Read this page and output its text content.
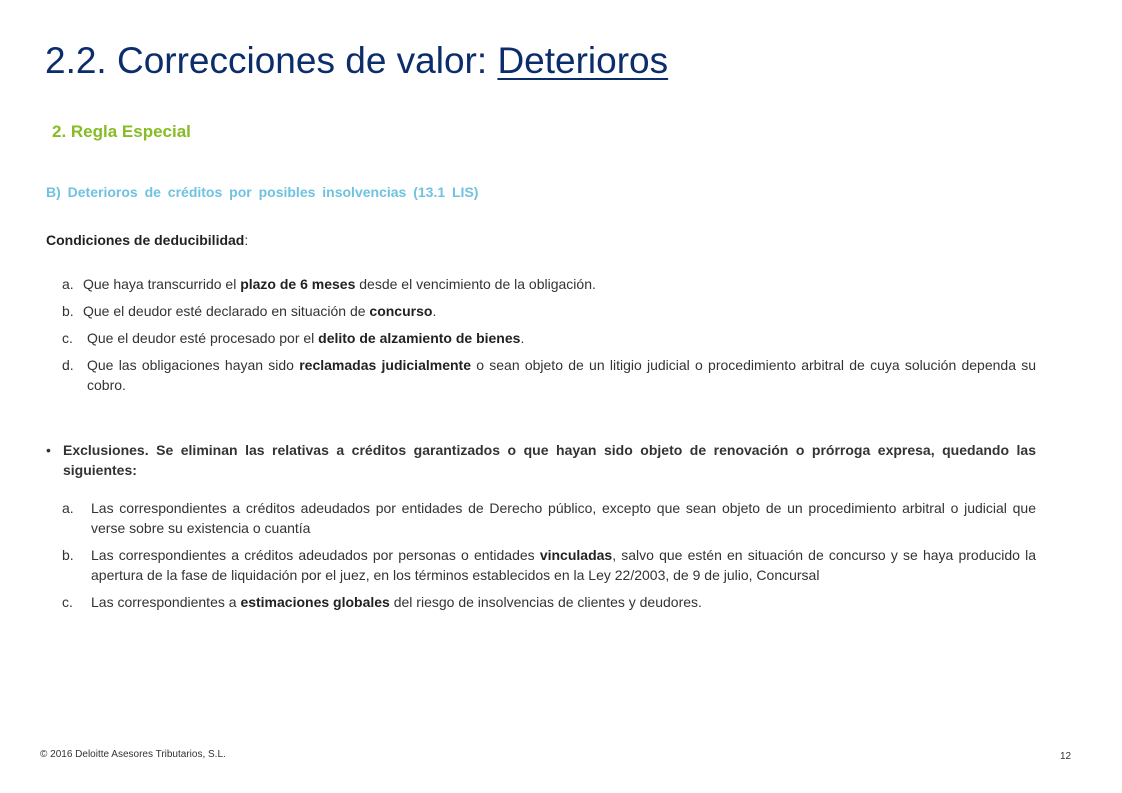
2.2. Correcciones de valor: Deterioros
2. Regla Especial
B) Deterioros de créditos por posibles insolvencias (13.1 LIS)

Condiciones de deducibilidad:

a. Que haya transcurrido el plazo de 6 meses desde el vencimiento de la obligación.
b. Que el deudor esté declarado en situación de concurso.
c. Que el deudor esté procesado por el delito de alzamiento de bienes.
d. Que las obligaciones hayan sido reclamadas judicialmente o sean objeto de un litigio judicial o procedimiento arbitral de cuya solución dependa su cobro.

• Exclusiones. Se eliminan las relativas a créditos garantizados o que hayan sido objeto de renovación o prórroga expresa, quedando las siguientes:

a. Las correspondientes a créditos adeudados por entidades de Derecho público, excepto que sean objeto de un procedimiento arbitral o judicial que verse sobre su existencia o cuantía
b. Las correspondientes a créditos adeudados por personas o entidades vinculadas, salvo que estén en situación de concurso y se haya producido la apertura de la fase de liquidación por el juez, en los términos establecidos en la Ley 22/2003, de 9 de julio, Concursal
c. Las correspondientes a estimaciones globales del riesgo de insolvencias de clientes y deudores.

© 2016 Deloitte Asesores Tributarios, S.L.	12
